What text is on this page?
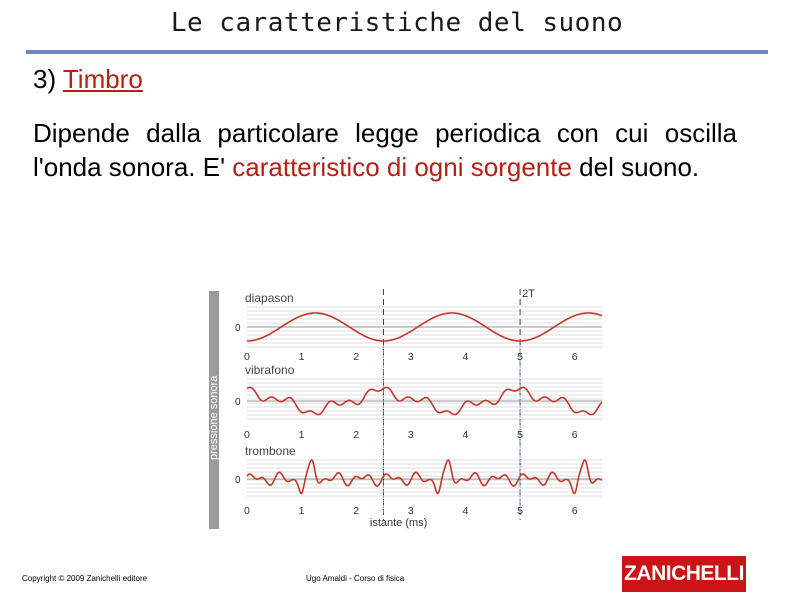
Le caratteristiche del suono
3) Timbro
Dipende dalla particolare legge periodica con cui oscilla l'onda sonora. E' caratteristico di ogni sorgente del suono.
pressione sonora
diapason
0
0	1	2	3	4	5	6
vibrafono
0
0	1	2	3	4	5	6
trombone
0
0	1	2	3	4	5	6
2T
istante (ms)
Copyright © 2009 Zanichelli editore	Ugo Amaldi - Corso di fisica	ZANICHELLI
